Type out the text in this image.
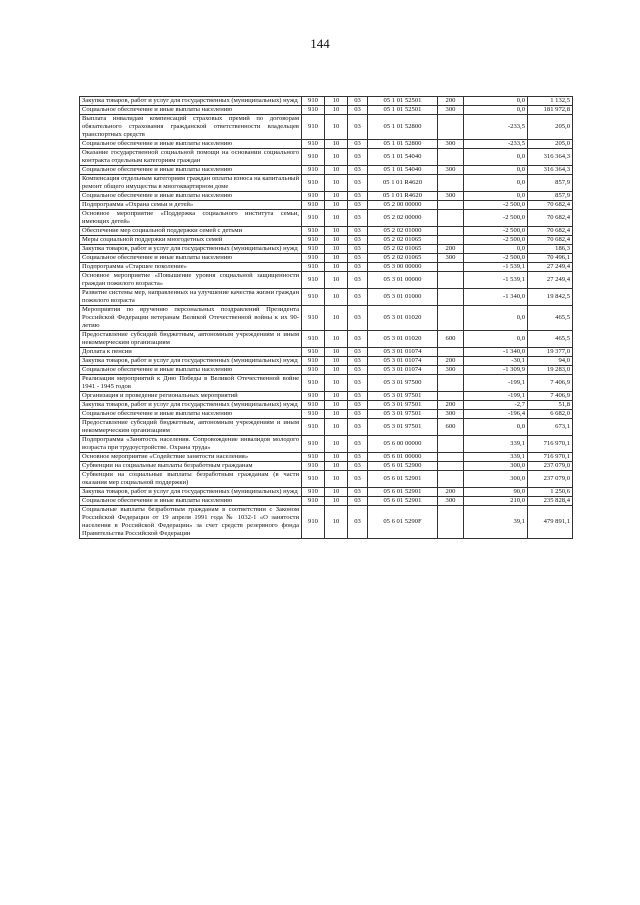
144
Закупка товаров, работ и услуг для государственных (муниципальных) нужд	910	10	03	05 1 01 52501	200	0,0	1 132,5
Социальное обеспечение и иные выплаты населению	910	10	03	05 1 01 52501	300	0,0	181 972,8
Выплата инвалидам компенсаций страховых премий по договорам обязательного страхования гражданской ответственности владельцев транспортных средств	910	10	03	05 1 01 52800		-233,5	205,0
Социальное обеспечение и иные выплаты населению	910	10	03	05 1 01 52800	300	-233,5	205,0
Оказание государственной социальной помощи на основании социального контракта отдельным категориям граждан	910	10	03	05 1 01 54040		0,0	316 364,3
Социальное обеспечение и иные выплаты населению	910	10	03	05 1 01 54040	300	0,0	316 364,3
Компенсация отдельным категориям граждан оплаты взноса на капитальный ремонт общего имущества в многоквартирном доме	910	10	03	05 1 01 R4620		0,0	857,9
Социальное обеспечение и иные выплаты населению	910	10	03	05 1 01 R4620	300	0,0	857,9
Подпрограмма «Охрана семьи и детей»	910	10	03	05 2 00 00000		-2 500,0	70 682,4
Основное мероприятие «Поддержка социального института семьи, имеющих детей»	910	10	03	05 2 02 00000		-2 500,0	70 682,4
Обеспечение мер социальной поддержки семей с детьми	910	10	03	05 2 02 01000		-2 500,0	70 682,4
Меры социальной поддержки многодетных семей	910	10	03	05 2 02 01065		-2 500,0	70 682,4
Закупка товаров, работ и услуг для государственных (муниципальных) нужд	910	10	03	05 2 02 01065	200	0,0	186,3
Социальное обеспечение и иные выплаты населению	910	10	03	05 2 02 01065	300	-2 500,0	70 496,1
Подпрограмма «Старшее поколение»	910	10	03	05 3 00 00000		-1 539,1	27 249,4
Основное мероприятие «Повышение уровня социальной защищенности граждан пожилого возраста»	910	10	03	05 3 01 00000		-1 539,1	27 249,4
Развитие системы мер, направленных на улучшение качества жизни граждан пожилого возраста	910	10	03	05 3 01 01000		-1 340,0	19 842,5
Мероприятия по вручению персональных поздравлений Президента Российской Федерации ветеранам Великой Отечественной войны к их 90-летию	910	10	03	05 3 01 01020		0,0	465,5
Предоставление субсидий бюджетным, автономным учреждениям и иным некоммерческим организациям	910	10	03	05 3 01 01020	600	0,0	465,5
Доплата к пенсии	910	10	03	05 3 01 01074		-1 340,0	19 377,0
Закупка товаров, работ и услуг для государственных (муниципальных) нужд	910	10	03	05 3 01 01074	200	-30,1	94,0
Социальное обеспечение и иные выплаты населению	910	10	03	05 3 01 01074	300	-1 309,9	19 283,0
Реализация мероприятий к Дню Победы в Великой Отечественной войне 1941 - 1945 годов	910	10	03	05 3 01 97500		-199,1	7 406,9
Организация и проведение региональных мероприятий	910	10	03	05 3 01 97501		-199,1	7 406,9
Закупка товаров, работ и услуг для государственных (муниципальных) нужд	910	10	03	05 3 01 97501	200	-2,7	51,8
Социальное обеспечение и иные выплаты населению	910	10	03	05 3 01 97501	300	-196,4	6 682,0
Предоставление субсидий бюджетным, автономным учреждениям и иным некоммерческим организациям	910	10	03	05 3 01 97501	600	0,0	673,1
Подпрограмма «Занятость населения. Сопровождение инвалидов молодого возраста при трудоустройстве. Охрана труда»	910	10	03	05 6 00 00000		339,1	716 970,1
Основное мероприятие «Содействие занятости населения»	910	10	03	05 6 01 00000		339,1	716 970,1
Субвенции на социальные выплаты безработным гражданам	910	10	03	05 6 01 52900		300,0	237 079,0
Субвенции на социальные выплаты безработным гражданам (в части оказания мер социальной поддержки)	910	10	03	05 6 01 52901		300,0	237 079,0
Закупка товаров, работ и услуг для государственных (муниципальных) нужд	910	10	03	05 6 01 52901	200	90,0	1 250,6
Социальное обеспечение и иные выплаты населению	910	10	03	05 6 01 52901	300	210,0	235 828,4
Социальные выплаты безработным гражданам в соответствии с Законом Российской Федерации от 19 апреля 1991 года № 1032-1 «О занятости населения в Российской Федерации» за счет средств резервного фонда Правительства Российской Федерации	910	10	03	05 6 01 5290F		39,1	479 891,1
